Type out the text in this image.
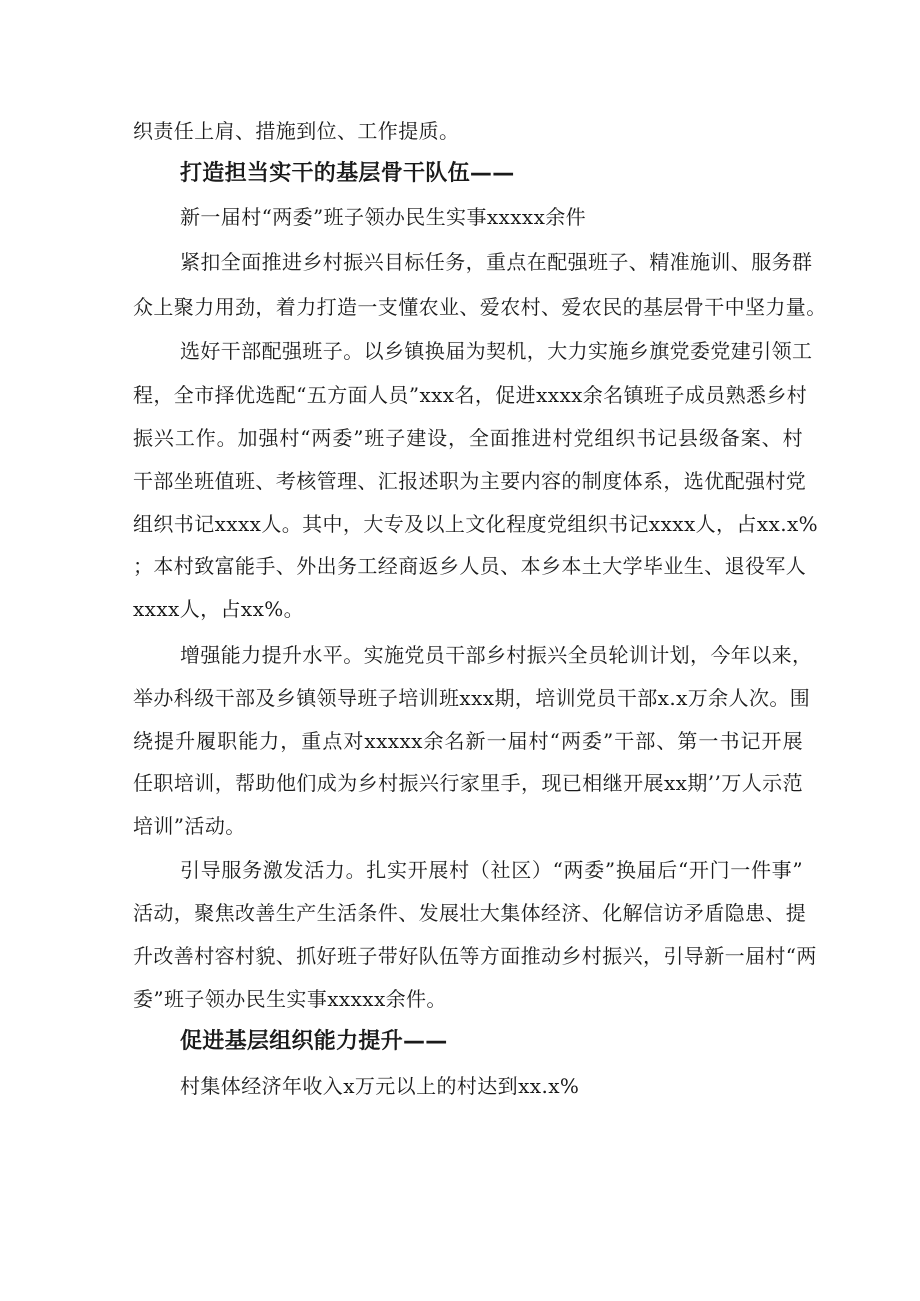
织责任上肩、措施到位、工作提质。
打造担当实干的基层骨干队伍——
新一届村“两委”班子领办民生实事xxxxx余件
紧扣全面推进乡村振兴目标任务，重点在配强班子、精准施训、服务群
众上聚力用劲，着力打造一支懂农业、爱农村、爱农民的基层骨干中坚力量。
选好干部配强班子。以乡镇换届为契机，大力实施乡旗党委党建引领工
程，全市择优选配“五方面人员”xxx名，促进xxxx余名镇班子成员熟悉乡村
振兴工作。加强村“两委”班子建设，全面推进村党组织书记县级备案、村
干部坐班值班、考核管理、汇报述职为主要内容的制度体系，选优配强村党
组织书记xxxx人。其中，大专及以上文化程度党组织书记xxxx人，占xx.x%
；本村致富能手、外出务工经商返乡人员、本乡本土大学毕业生、退役军人
xxxx人，占xx%。
增强能力提升水平。实施党员干部乡村振兴全员轮训计划，今年以来，
举办科级干部及乡镇领导班子培训班xxx期，培训党员干部x.x万余人次。围
绕提升履职能力，重点对xxxxx余名新一届村“两委”干部、第一书记开展
任职培训，帮助他们成为乡村振兴行家里手，现已相继开展xx期’’万人示范
培训”活动。
引导服务激发活力。扎实开展村（社区）“两委”换届后“开门一件事”
活动，聚焦改善生产生活条件、发展壮大集体经济、化解信访矛盾隐患、提
升改善村容村貌、抓好班子带好队伍等方面推动乡村振兴，引导新一届村“两
委”班子领办民生实事xxxxx余件。
促进基层组织能力提升——
村集体经济年收入x万元以上的村达到xx.x%
